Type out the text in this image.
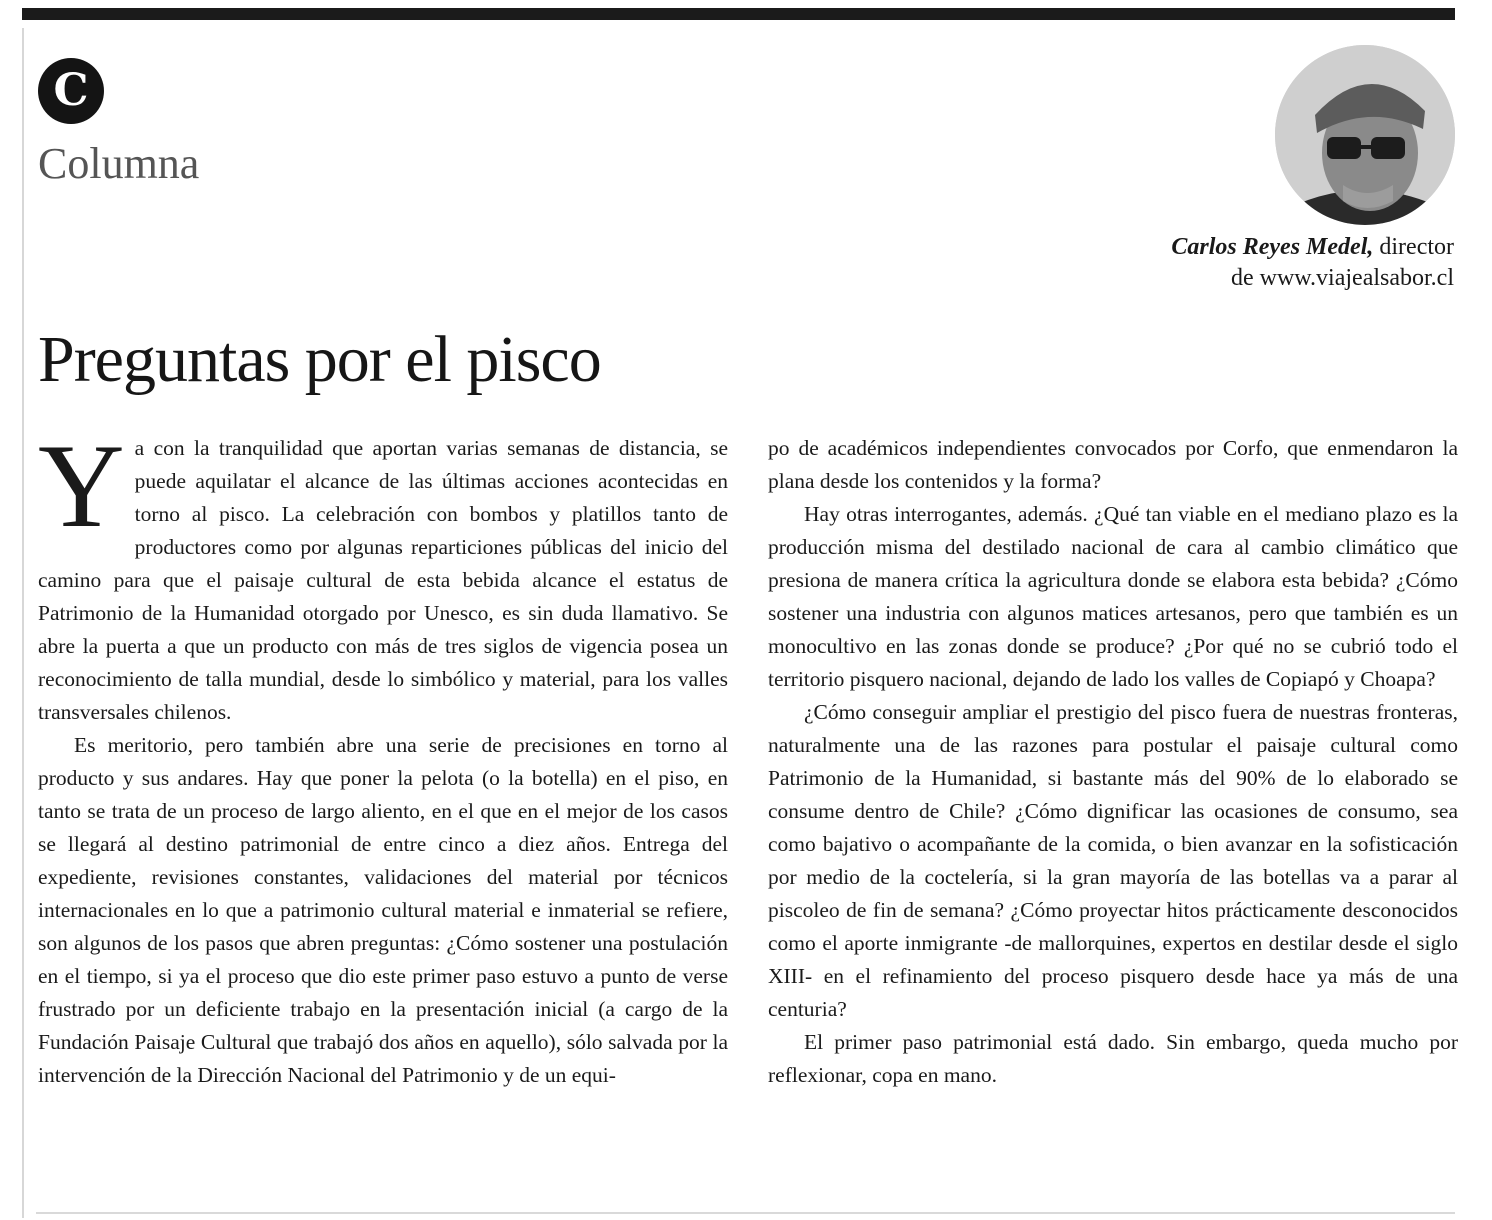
C
Columna
Carlos Reyes Medel, director
de www.viajealsabor.cl
Preguntas por el pisco

Ya con la tranquilidad que aportan varias semanas de distancia, se puede aquilatar el alcance de las últimas acciones acontecidas en torno al pisco. La celebración con bombos y platillos tanto de productores como por algunas reparticiones públicas del inicio del camino para que el paisaje cultural de esta bebida alcance el estatus de Patrimonio de la Humanidad otorgado por Unesco, es sin duda llamativo. Se abre la puerta a que un producto con más de tres siglos de vigencia posea un reconocimiento de talla mundial, desde lo simbólico y material, para los valles transversales chilenos.

Es meritorio, pero también abre una serie de precisiones en torno al producto y sus andares. Hay que poner la pelota (o la botella) en el piso, en tanto se trata de un proceso de largo aliento, en el que en el mejor de los casos se llegará al destino patrimonial de entre cinco a diez años. Entrega del expediente, revisiones constantes, validaciones del material por técnicos internacionales en lo que a patrimonio cultural material e inmaterial se refiere, son algunos de los pasos que abren preguntas: ¿Cómo sostener una postulación en el tiempo, si ya el proceso que dio este primer paso estuvo a punto de verse frustrado por un deficiente trabajo en la presentación inicial (a cargo de la Fundación Paisaje Cultural que trabajó dos años en aquello), sólo salvada por la intervención de la Dirección Nacional del Patrimonio y de un equi-

po de académicos independientes convocados por Corfo, que enmendaron la plana desde los contenidos y la forma?

Hay otras interrogantes, además. ¿Qué tan viable en el mediano plazo es la producción misma del destilado nacional de cara al cambio climático que presiona de manera crítica la agricultura donde se elabora esta bebida? ¿Cómo sostener una industria con algunos matices artesanos, pero que también es un monocultivo en las zonas donde se produce? ¿Por qué no se cubrió todo el territorio pisquero nacional, dejando de lado los valles de Copiapó y Choapa?

¿Cómo conseguir ampliar el prestigio del pisco fuera de nuestras fronteras, naturalmente una de las razones para postular el paisaje cultural como Patrimonio de la Humanidad, si bastante más del 90% de lo elaborado se consume dentro de Chile? ¿Cómo dignificar las ocasiones de consumo, sea como bajativo o acompañante de la comida, o bien avanzar en la sofisticación por medio de la coctelería, si la gran mayoría de las botellas va a parar al piscoleo de fin de semana? ¿Cómo proyectar hitos prácticamente desconocidos como el aporte inmigrante -de mallorquines, expertos en destilar desde el siglo XIII- en el refinamiento del proceso pisquero desde hace ya más de una centuria?

El primer paso patrimonial está dado. Sin embargo, queda mucho por reflexionar, copa en mano.
